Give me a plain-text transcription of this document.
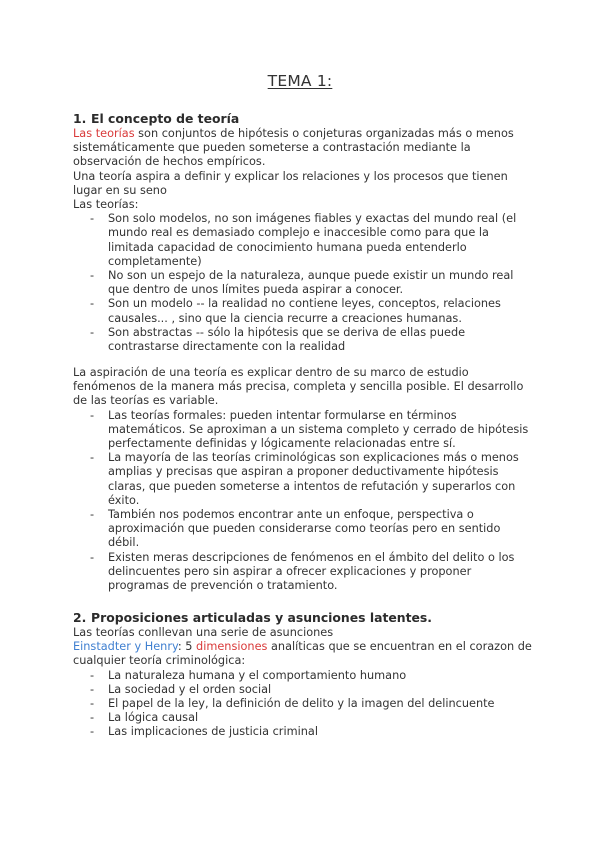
TEMA 1:
1. El concepto de teoría

Las teorías son conjuntos de hipótesis o conjeturas organizadas más o menos sistemáticamente que pueden someterse a contrastación mediante la observación de hechos empíricos.

Una teoría aspira a definir y explicar los relaciones y los procesos que tienen lugar en su seno

Las teorías:

- Son solo modelos, no son imágenes fiables y exactas del mundo real (el mundo real es demasiado complejo e inaccesible como para que la limitada capacidad de conocimiento humana pueda entenderlo completamente)
- No son un espejo de la naturaleza, aunque puede existir un mundo real que dentro de unos límites pueda aspirar a conocer.
- Son un modelo -- la realidad no contiene leyes, conceptos, relaciones causales... , sino que la ciencia recurre a creaciones humanas.
- Son abstractas -- sólo la hipótesis que se deriva de ellas puede contrastarse directamente con la realidad

La aspiración de una teoría es explicar dentro de su marco de estudio fenómenos de la manera más precisa, completa y sencilla posible. El desarrollo de las teorías es variable.

- Las teorías formales: pueden intentar formularse en términos matemáticos. Se aproximan a un sistema completo y cerrado de hipótesis perfectamente definidas y lógicamente relacionadas entre sí.
- La mayoría de las teorías criminológicas son explicaciones más o menos amplias y precisas que aspiran a proponer deductivamente hipótesis claras, que pueden someterse a intentos de refutación y superarlos con éxito.
- También nos podemos encontrar ante un enfoque, perspectiva o aproximación que pueden considerarse como teorías pero en sentido débil.
- Existen meras descripciones de fenómenos en el ámbito del delito o los delincuentes pero sin aspirar a ofrecer explicaciones y proponer programas de prevención o tratamiento.
2. Proposiciones articuladas y asunciones latentes.

Las teorías conllevan una serie de asunciones

Einstadter y Henry: 5 dimensiones analíticas que se encuentran en el corazon de cualquier teoría criminológica:

- La naturaleza humana y el comportamiento humano
- La sociedad y el orden social
- El papel de la ley, la definición de delito y la imagen del delincuente
- La lógica causal
- Las implicaciones de justicia criminal
